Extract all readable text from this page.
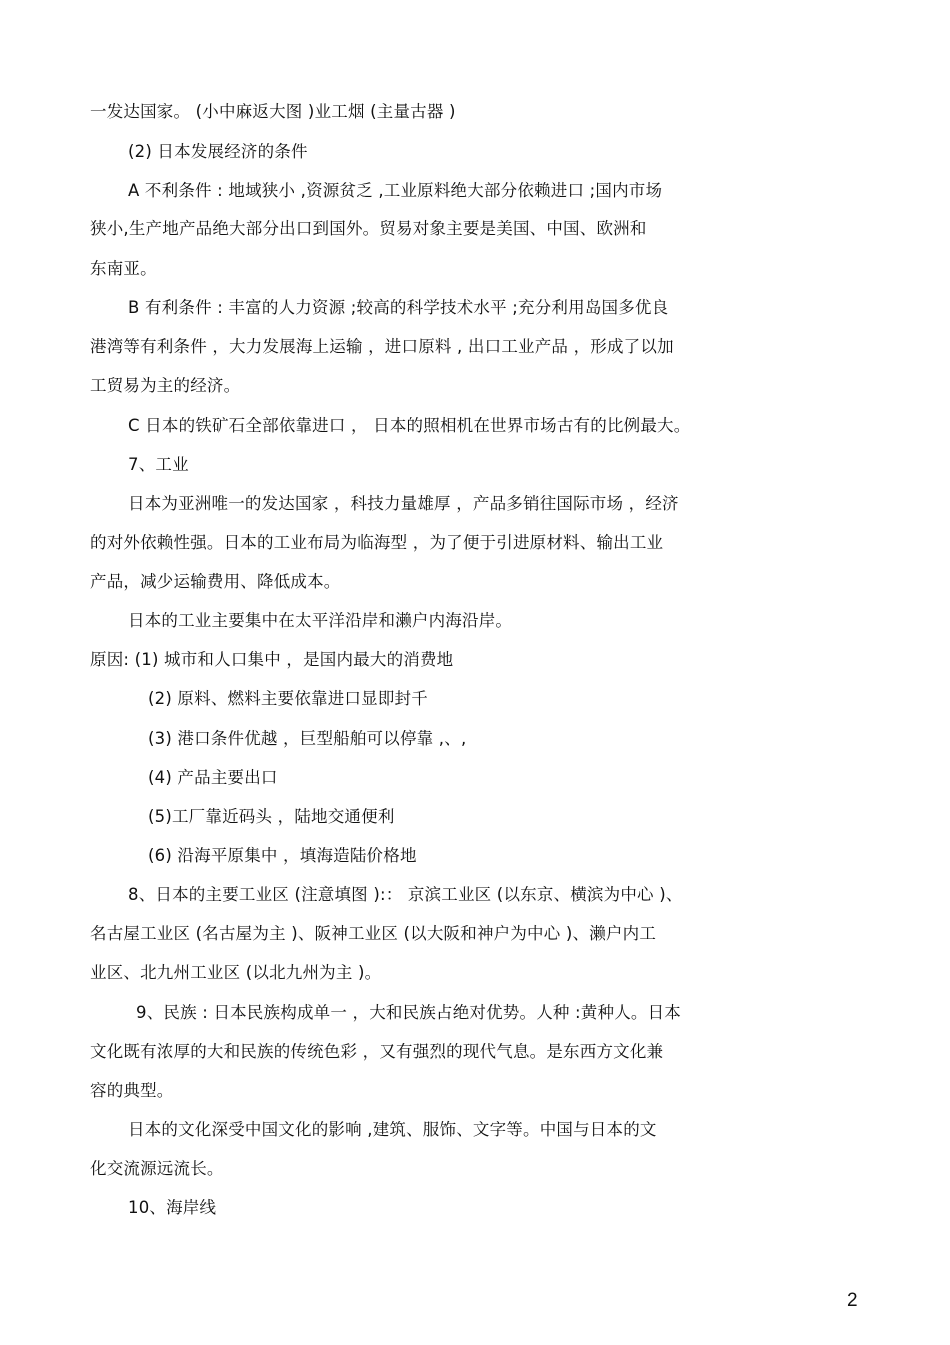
一发达国家。 (小中麻返大图 )业工烟 (主量古器 )
(2) 日本发展经济的条件
A 不利条件 : 地域狭小 ,资源贫乏 ,工业原料绝大部分依赖进口 ;国内市场
狭小,生产地产品绝大部分出口到国外。贸易对象主要是美国、中国、欧洲和
东南亚。
B 有利条件 : 丰富的人力资源 ;较高的科学技术水平 ;充分利用岛国多优良
港湾等有利条件 ，大力发展海上运输 ，进口原料 , 出口工业产品 ，形成了以加
工贸易为主的经济。
C 日本的铁矿石全部依靠进口 ， 日本的照相机在世界市场古有的比例最大。
7、工业
日本为亚洲唯一的发达国家 ，科技力量雄厚 ，产品多销往国际市场 ，经济
的对外依赖性强。日本的工业布局为临海型 ，为了便于引进原材料、输出工业
产品，减少运输费用、降低成本。
日本的工业主要集中在太平洋沿岸和濑户内海沿岸。
原因: (1) 城市和人口集中 ，是国内最大的消费地
(2) 原料、燃料主要依靠进口显即封千
(3) 港口条件优越 ，巨型船舶可以停靠 ,、,
(4) 产品主要出口
(5)工厂靠近码头 ，陆地交通便利
(6) 沿海平原集中 ，填海造陆价格地
8、日本的主要工业区 (注意填图 ):： 京滨工业区 (以东京、横滨为中心 )、
名古屋工业区 (名古屋为主 )、阪神工业区 (以大阪和神户为中心 )、濑户内工
业区、北九州工业区 (以北九州为主 )。
9、民族 : 日本民族构成单一 ，大和民族占绝对优势。人种 :黄种人。日本
文化既有浓厚的大和民族的传统色彩 ，又有强烈的现代气息。是东西方文化兼
容的典型。
日本的文化深受中国文化的影响 ,建筑、服饰、文字等。中国与日本的文
化交流源远流长。
10、海岸线
2
